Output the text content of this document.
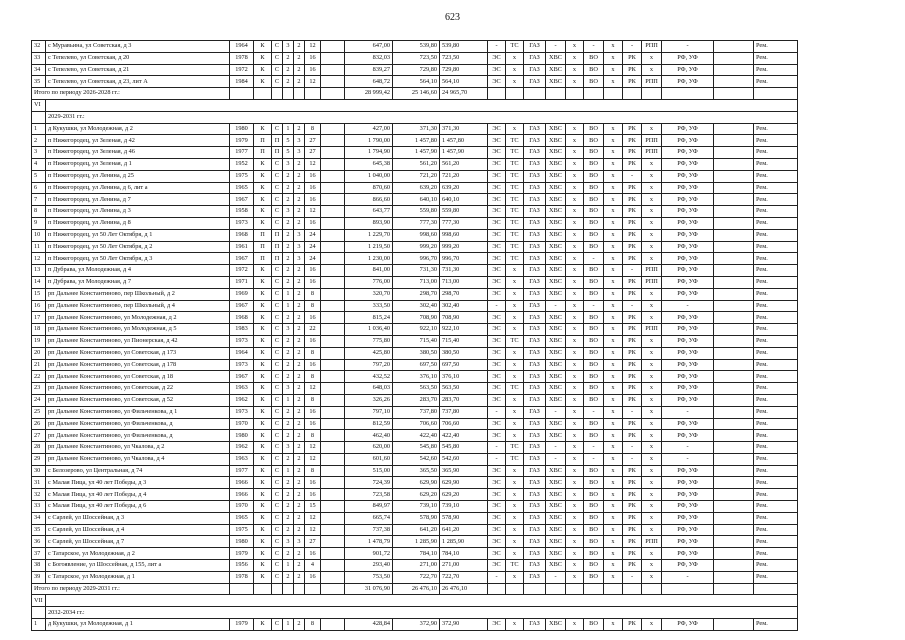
623
32	с Муравьина, ул Советская, д 3	1964	К	С	3	2	12		647,00	539,80	539,80	-	ТС	ГАЗ	-	х	-	х	-	РПП	-		Рем.
33	с Тепелево, ул Советская, д 20	1978	К	С	2	2	16		832,03	723,50	723,50	ЭС	х	ГАЗ	ХВС	х	ВО	х	РК	х	РФ, УФ		Рем.
34	с Тепелево, ул Советская, д 21	1972	К	С	2	2	16		839,27	729,80	729,80	ЭС	х	ГАЗ	ХВС	х	ВО	х	РК	х	РФ, УФ		Рем.
35	с Тепелево, ул Советская, д 23, лит А	1984	К	С	2	2	12		648,72	564,10	564,10	ЭС	х	ГАЗ	ХВС	х	ВО	х	РК	РПП	РФ, УФ		Рем.
Итого по периоду 2026-2028 гг.:									28 999,42	25 146,60	24 965,70												
VI																							
	2029-2031 гг.:																						
1	д Кукушки, ул Молодежная, д 2	1980	К	С	1	2	8		427,00	371,30	371,30	ЭС	х	ГАЗ	ХВС	х	ВО	х	РК	х	РФ, УФ		Рем.
2	п Нижегородец, ул Зеленая, д 42	1979	П	П	5	3	27		1 790,00	1 457,80	1 457,80	ЭС	ТС	ГАЗ	ХВС	х	ВО	х	РК	РПП	РФ, УФ		Рем.
3	п Нижегородец, ул Зеленая, д 46	1977	П	П	5	3	27		1 794,90	1 457,90	1 457,90	ЭС	ТС	ГАЗ	ХВС	х	ВО	х	РК	РПП	РФ, УФ		Рем.
4	п Нижегородец, ул Зеленая, д 1	1952	К	С	3	2	12		645,38	561,20	561,20	ЭС	ТС	ГАЗ	ХВС	х	ВО	х	РК	х	РФ, УФ		Рем.
5	п Нижегородец, ул Ленина, д 25	1975	К	С	2	2	16		1 040,00	721,20	721,20	ЭС	ТС	ГАЗ	ХВС	х	ВО	х	-	х	РФ, УФ		Рем.
6	п Нижегородец, ул Ленина, д 6, лит а	1965	К	С	2	2	16		870,60	639,20	639,20	ЭС	ТС	ГАЗ	ХВС	х	ВО	х	РК	х	РФ, УФ		Рем.
7	п Нижегородец, ул Ленина, д 7	1967	К	С	2	2	16		866,60	640,10	640,10	ЭС	ТС	ГАЗ	ХВС	х	ВО	х	РК	х	РФ, УФ		Рем.
8	п Нижегородец, ул Ленина, д 3	1958	К	С	3	2	12		643,77	559,80	559,80	ЭС	ТС	ГАЗ	ХВС	х	ВО	х	РК	х	РФ, УФ		Рем.
9	п Нижегородец, ул Ленина, д 8	1973	К	С	2	2	16		893,90	777,30	777,30	ЭС	ТС	ГАЗ	ХВС	х	ВО	х	РК	х	РФ, УФ		Рем.
10	п Нижегородец, ул 50 Лет Октября, д 1	1968	П	П	2	3	24		1 229,70	998,60	998,60	ЭС	ТС	ГАЗ	ХВС	х	ВО	х	РК	х	РФ, УФ		Рем.
11	п Нижегородец, ул 50 Лет Октября, д 2	1961	П	П	2	3	24		1 219,50	999,20	999,20	ЭС	ТС	ГАЗ	ХВС	х	ВО	х	РК	х	РФ, УФ		Рем.
12	п Нижегородец, ул 50 Лет Октября, д 3	1967	П	П	2	3	24		1 230,00	996,70	996,70	ЭС	ТС	ГАЗ	ХВС	х	-	х	РК	х	РФ, УФ		Рем.
13	п Дубрава, ул Молодежная, д 4	1972	К	С	2	2	16		841,00	731,30	731,30	ЭС	х	ГАЗ	ХВС	х	ВО	х	-	РПП	РФ, УФ		Рем.
14	п Дубрава, ул Молодежная, д 7	1971	К	С	2	2	16		776,00	713,00	713,00	ЭС	х	ГАЗ	ХВС	х	ВО	х	РК	РПП	РФ, УФ		Рем.
15	рп Дальнее Константиново, пер Школьный, д 2	1969	К	С	1	2	8		320,70	298,70	298,70	ЭС	х	ГАЗ	ХВС	х	ВО	х	РК	х	РФ, УФ		Рем.
16	рп Дальнее Константиново, пер Школьный, д 4	1967	К	С	1	2	8		333,50	302,40	302,40	-	х	ГАЗ	-	х	-	х	-	х	-		Рем.
17	рп Дальнее Константиново, ул Молодежная, д 2	1968	К	С	2	2	16		815,24	708,90	708,90	ЭС	х	ГАЗ	ХВС	х	ВО	х	РК	х	РФ, УФ		Рем.
18	рп Дальнее Константиново, ул Молодежная, д 5	1983	К	С	3	2	22		1 036,40	922,10	922,10	ЭС	х	ГАЗ	ХВС	х	ВО	х	РК	РПП	РФ, УФ		Рем.
19	рп Дальнее Константиново, ул Пионерская, д 42	1973	К	С	2	2	16		775,80	715,40	715,40	ЭС	ТС	ГАЗ	ХВС	х	ВО	х	РК	х	РФ, УФ		Рем.
20	рп Дальнее Константиново, ул Советская, д 173	1964	К	С	2	2	8		425,80	380,50	380,50	ЭС	х	ГАЗ	ХВС	х	ВО	х	РК	х	РФ, УФ		Рем.
21	рп Дальнее Константиново, ул Советская, д 178	1973	К	С	2	2	16		797,20	697,50	697,50	ЭС	х	ГАЗ	ХВС	х	ВО	х	РК	х	РФ, УФ		Рем.
22	рп Дальнее Константиново, ул Советская, д 18	1967	К	С	2	2	8		432,52	376,10	376,10	ЭС	х	ГАЗ	ХВС	х	ВО	х	РК	х	РФ, УФ		Рем.
23	рп Дальнее Константиново, ул Советская, д 22	1963	К	С	3	2	12		648,03	563,50	563,50	ЭС	ТС	ГАЗ	ХВС	х	ВО	х	РК	х	РФ, УФ		Рем.
24	рп Дальнее Константиново, ул Советская, д 52	1962	К	С	1	2	8		326,26	283,70	283,70	ЭС	х	ГАЗ	ХВС	х	ВО	х	РК	х	РФ, УФ		Рем.
25	рп Дальнее Константиново, ул Фильченкова, д 1	1973	К	С	2	2	16		797,10	737,80	737,80	-	х	ГАЗ	-	х	-	х	-	х	-		Рем.
26	рп Дальнее Константиново, ул Фильченкова, д	1970	К	С	2	2	16		812,59	706,60	706,60	ЭС	х	ГАЗ	ХВС	х	ВО	х	РК	х	РФ, УФ		Рем.
27	рп Дальнее Константиново, ул Фильченкова, д	1980	К	С	2	2	8		462,40	422,40	422,40	ЭС	х	ГАЗ	ХВС	х	ВО	х	РК	х	РФ, УФ		Рем.
28	рп Дальнее Константиново, ул Чкалова, д 2	1962	К	С	3	2	12		620,00	545,80	545,80	-	ТС	ГАЗ	-	х	-	х	-	х	-		Рем.
29	рп Дальнее Константиново, ул Чкалова, д 4	1963	К	С	2	2	12		601,60	542,60	542,60	-	ТС	ГАЗ	-	х	-	х	-	х	-		Рем.
30	с Белозерово, ул Центральная, д 74	1977	К	С	1	2	8		515,00	365,50	365,90	ЭС	х	ГАЗ	ХВС	х	ВО	х	РК	х	РФ, УФ		Рем.
31	с Малая Пица, ул 40 лет Победы, д 3	1966	К	С	2	2	16		724,39	629,90	629,90	ЭС	х	ГАЗ	ХВС	х	ВО	х	РК	х	РФ, УФ		Рем.
32	с Малая Пица, ул 40 лет Победы, д 4	1966	К	С	2	2	16		723,58	629,20	629,20	ЭС	х	ГАЗ	ХВС	х	ВО	х	РК	х	РФ, УФ		Рем.
33	с Малая Пица, ул 40 лет Победы, д 6	1970	К	С	2	2	15		849,97	739,10	739,10	ЭС	х	ГАЗ	ХВС	х	ВО	х	РК	х	РФ, УФ		Рем.
34	с Сарлей, ул Шоссейная, д 3	1965	К	С	2	2	12		665,74	578,90	578,90	ЭС	х	ГАЗ	ХВС	х	ВО	х	РК	х	РФ, УФ		Рем.
35	с Сарлей, ул Шоссейная, д 4	1975	К	С	2	2	12		737,38	641,20	641,20	ЭС	х	ГАЗ	ХВС	х	ВО	х	РК	х	РФ, УФ		Рем.
36	с Сарлей, ул Шоссейная, д 7	1980	К	С	3	3	27		1 478,79	1 285,90	1 285,90	ЭС	х	ГАЗ	ХВС	х	ВО	х	РК	РПП	РФ, УФ		Рем.
37	с Татарское, ул Молодежная, д 2	1979	К	С	2	2	16		901,72	784,10	784,10	ЭС	х	ГАЗ	ХВС	х	ВО	х	РК	х	РФ, УФ		Рем.
38	с Богоявление, ул Шоссейная, д 155, лит а	1956	К	С	1	2	4		293,40	271,00	271,00	ЭС	ТС	ГАЗ	ХВС	х	ВО	х	РК	х	РФ, УФ		Рем.
39	с Татарское, ул Молодежная, д 1	1978	К	С	2	2	16		753,50	722,70	722,70	-	х	ГАЗ	-	х	ВО	х	-	х	-		Рем.
Итого по периоду 2029-2031 гг.:									31 076,90	26 476,10	26 476,10												
VII																							
	2032-2034 гг.:																						
1	д Кукушки, ул Молодежная, д 1	1979	К	С	1	2	8		428,84	372,90	372,90	ЭС	х	ГАЗ	ХВС	х	ВО	х	РК	х	РФ, УФ		Рем.
